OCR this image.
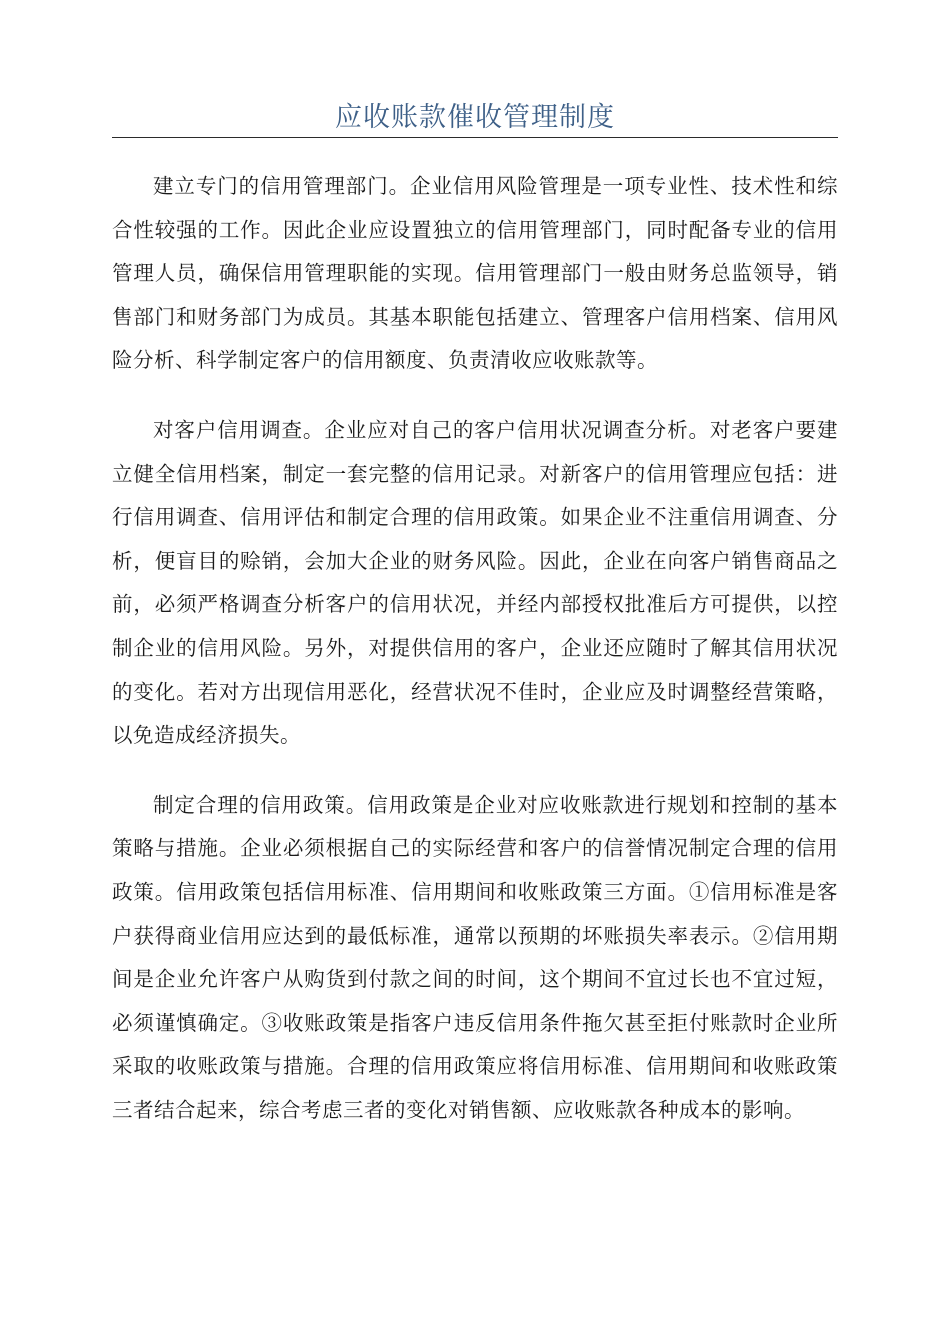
应收账款催收管理制度

建立专门的信用管理部门。企业信用风险管理是一项专业性、技术性和综合性较强的工作。因此企业应设置独立的信用管理部门，同时配备专业的信用管理人员，确保信用管理职能的实现。信用管理部门一般由财务总监领导，销售部门和财务部门为成员。其基本职能包括建立、管理客户信用档案、信用风险分析、科学制定客户的信用额度、负责清收应收账款等。

对客户信用调查。企业应对自己的客户信用状况调查分析。对老客户要建立健全信用档案，制定一套完整的信用记录。对新客户的信用管理应包括：进行信用调查、信用评估和制定合理的信用政策。如果企业不注重信用调查、分析，便盲目的赊销，会加大企业的财务风险。因此，企业在向客户销售商品之前，必须严格调查分析客户的信用状况，并经内部授权批准后方可提供，以控制企业的信用风险。另外，对提供信用的客户，企业还应随时了解其信用状况的变化。若对方出现信用恶化，经营状况不佳时，企业应及时调整经营策略，以免造成经济损失。

制定合理的信用政策。信用政策是企业对应收账款进行规划和控制的基本策略与措施。企业必须根据自己的实际经营和客户的信誉情况制定合理的信用政策。信用政策包括信用标准、信用期间和收账政策三方面。①信用标准是客户获得商业信用应达到的最低标准，通常以预期的坏账损失率表示。②信用期间是企业允许客户从购货到付款之间的时间，这个期间不宜过长也不宜过短，必须谨慎确定。③收账政策是指客户违反信用条件拖欠甚至拒付账款时企业所采取的收账政策与措施。合理的信用政策应将信用标准、信用期间和收账政策三者结合起来，综合考虑三者的变化对销售额、应收账款各种成本的影响。
